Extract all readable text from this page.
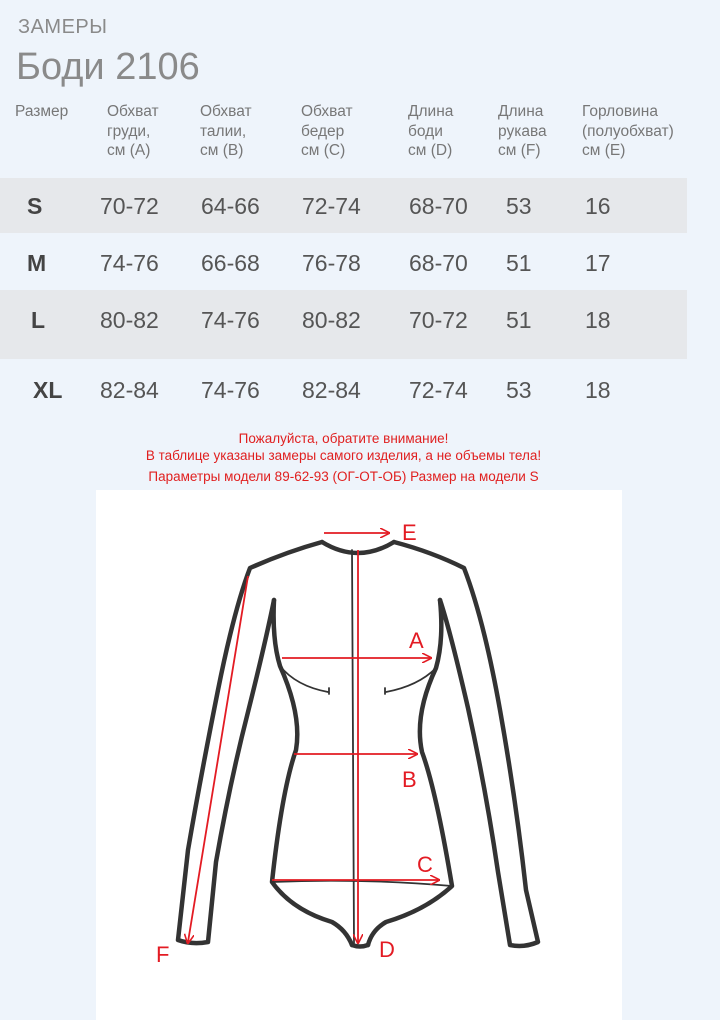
ЗАМЕРЫ
Боди 2106
Размер Обхват
груди,
см (A)
Обхват
талии,
см (B)
Обхват
бедер
см (C)
Длина
боди
см (D)
Длина
рукава
см (F)
Горловина
(полуобхват)
см (E)
S	70-72 64-66 72-74 68-70 53 16
M 74-76 66-68 76-78 68-70 51 17
L 80-82 74-76 80-82 70-72 51 18
XL 82-84 74-76 82-84 72-74 53 18
Пожалуйста, обратите внимание!
В таблице указаны замеры самого изделия, а не объемы тела!
Параметры модели 89-62-93 (ОГ-ОТ-ОБ) Размер на модели S
E
A
B
C
D
F
